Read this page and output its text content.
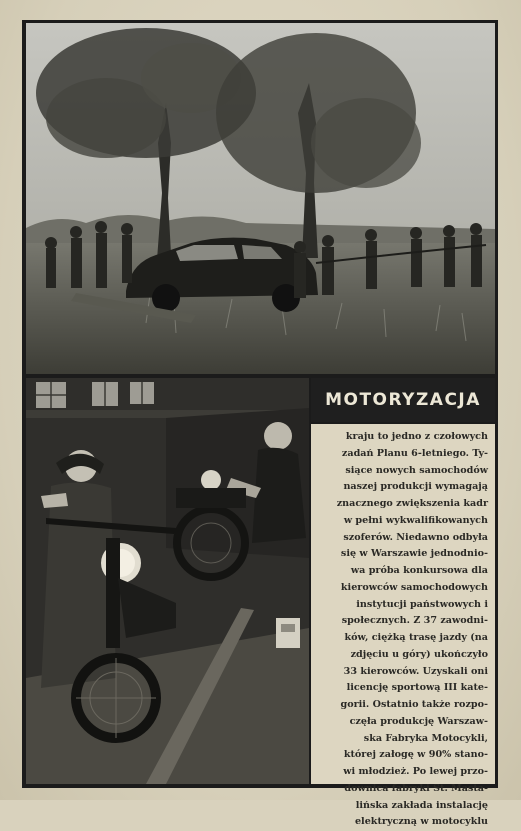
MOTORYZACJA

kraju to jedno z czołowych
zadań Planu 6-letniego. Ty-
siące nowych samochodów
naszej produkcji wymagają
znacznego zwiększenia kadr
w pełni wykwalifikowanych
szoferów. Niedawno odbyła
się w Warszawie jednodnio-
wa próba konkursowa dla
kierowców samochodowych
instytucji państwowych i
społecznych. Z 37 zawodni-
ków, ciężką trasę jazdy (na
zdjęciu u góry) ukończyło
33 kierowców. Uzyskali oni
licencję sportową III kate-
gorii. Ostatnio także rozpo-
częła produkcję Warszaw-
ska Fabryka Motocykli,
której załogę w 90% stano-
wi młodzież. Po lewej przo-
downica fabryki St. Masta-
lińska zakłada instalację
elektryczną w motocyklu
